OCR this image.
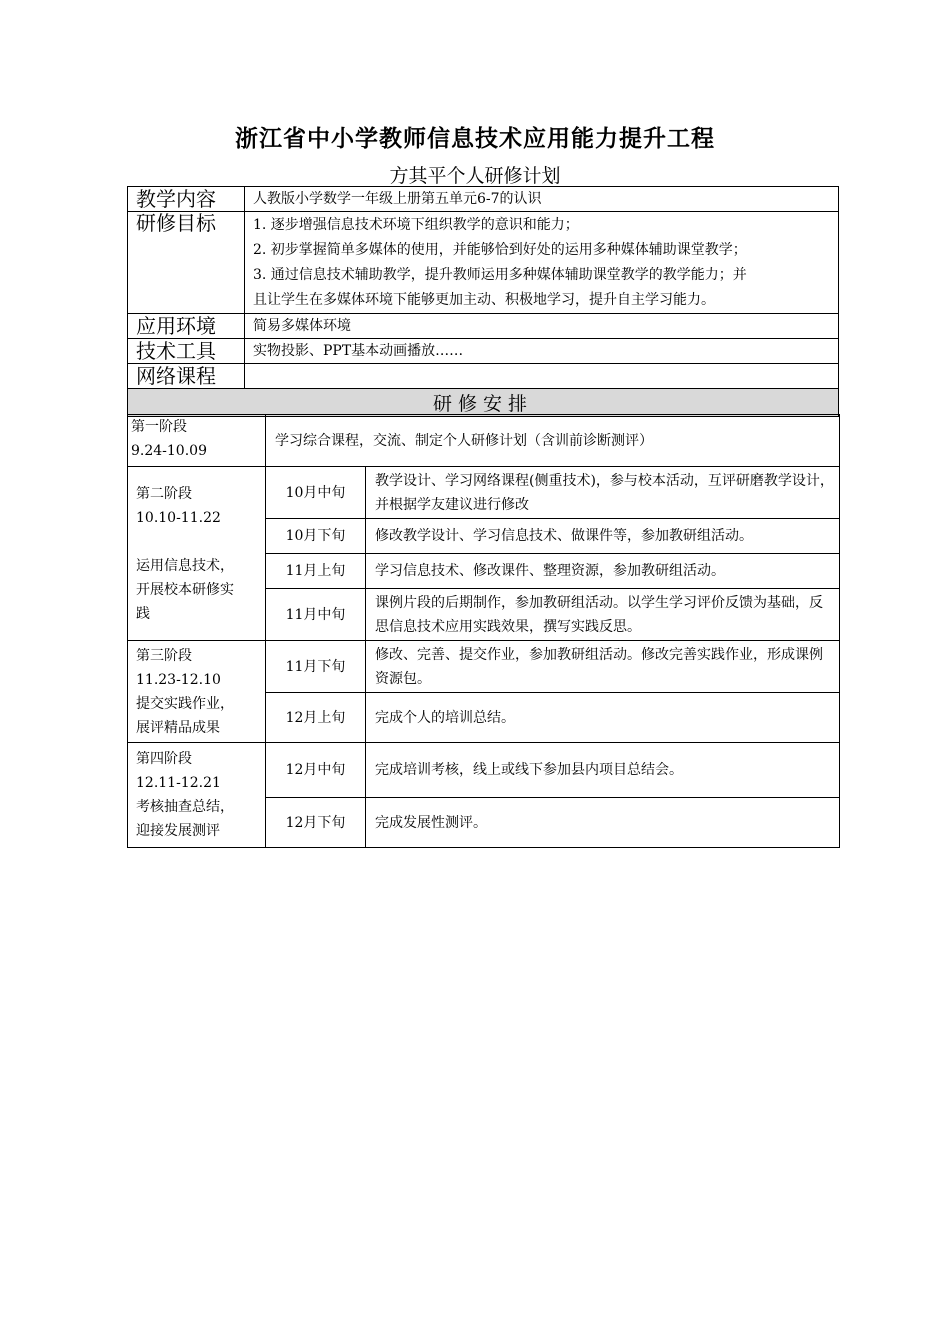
浙江省中小学教师信息技术应用能力提升工程
方其平个人研修计划
教学内容	人教版小学数学一年级上册第五单元6-7的认识
研修目标	1. 逐步增强信息技术环境下组织教学的意识和能力；
2. 初步掌握简单多媒体的使用，并能够恰到好处的运用多种媒体辅助课堂教学；
3. 通过信息技术辅助教学，提升教师运用多种媒体辅助课堂教学的教学能力；并
且让学生在多媒体环境下能够更加主动、积极地学习，提升自主学习能力。

应用环境	简易多媒体环境
技术工具	实物投影、PPT基本动画播放……
网络课程	
研修安排	
第一阶段
9.24-10.09	学习综合课程，交流、制定个人研修计划（含训前诊断测评）	

第二阶段
10.10-11.22
运用信息技术，
开展校本研修实
践	10月中旬	教学设计、学习网络课程(侧重技术)，参与校本活动，互评研磨教学设计，并根据学友建议进行修改
	10月下旬	修改教学设计、学习信息技术、做课件等，参加教研组活动。
	11月上旬	学习信息技术、修改课件、整理资源，参加教研组活动。
	11月中旬	课例片段的后期制作，参加教研组活动。以学生学习评价反馈为基础，反思信息技术应用实践效果，撰写实践反思。

第三阶段
11.23-12.10
提交实践作业，
展评精品成果	11月下旬	修改、完善、提交作业，参加教研组活动。修改完善实践作业，形成课例资源包。
	12月上旬	完成个人的培训总结。

第四阶段
12.11-12.21
考核抽查总结，
迎接发展测评	12月中旬	完成培训考核，线上或线下参加县内项目总结会。
	12月下旬	完成发展性测评。
